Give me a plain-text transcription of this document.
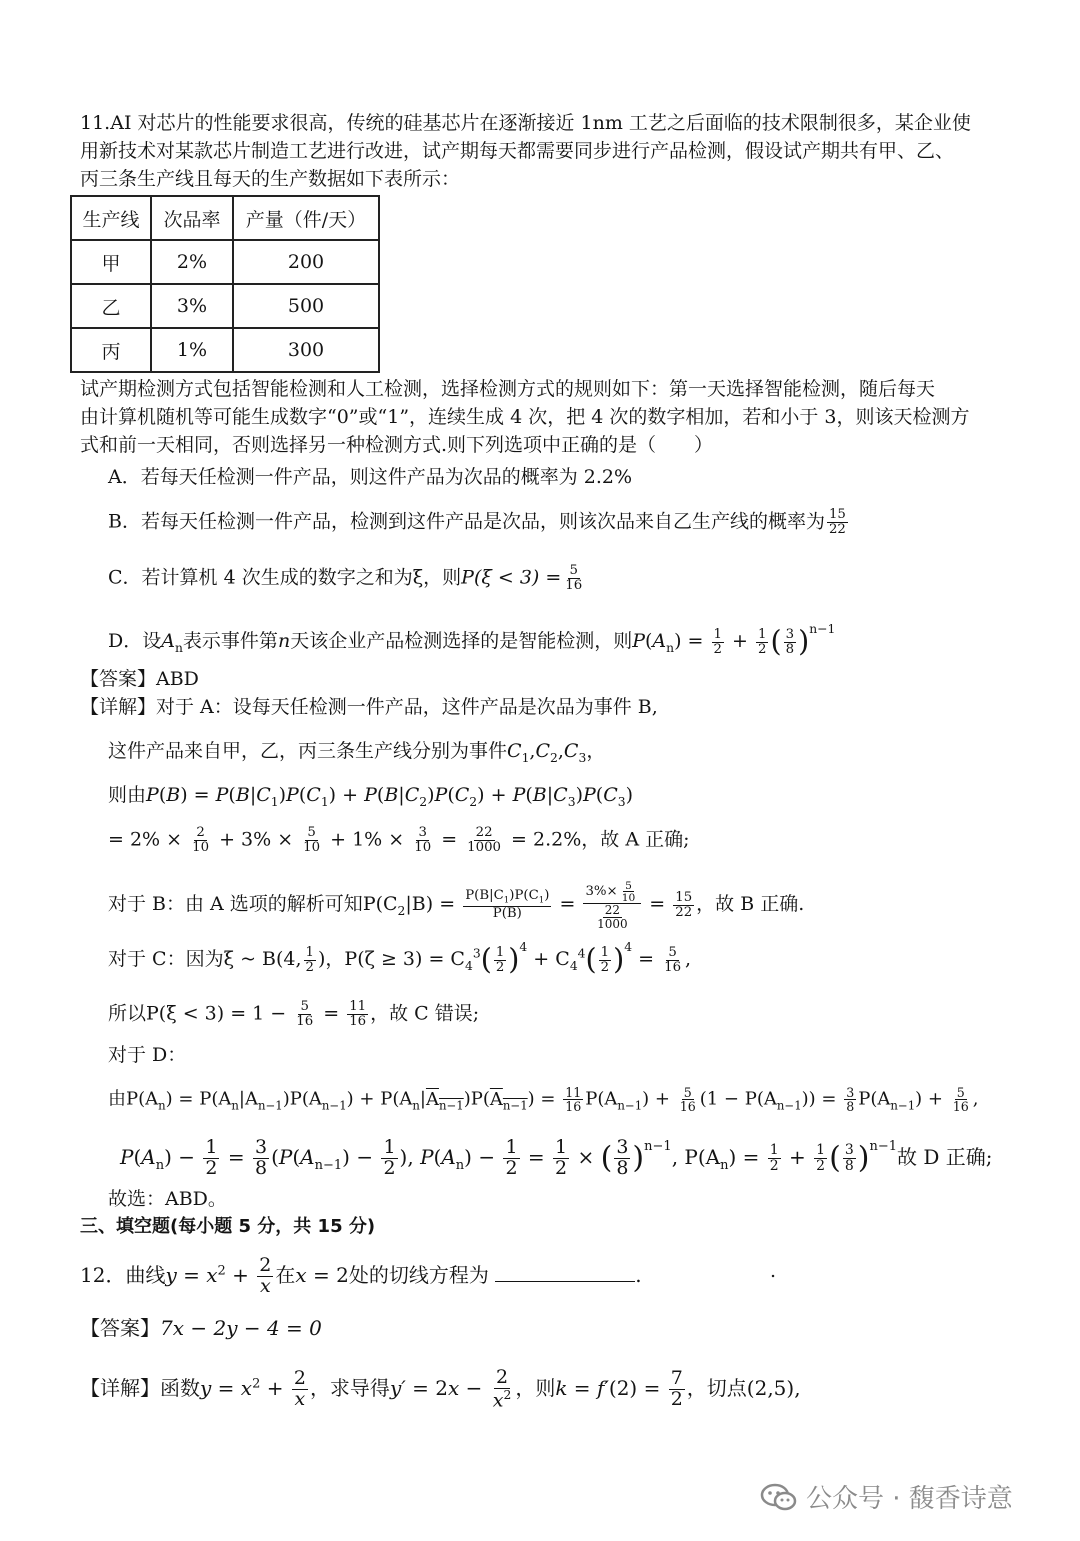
11.AI 对芯片的性能要求很高，传统的硅基芯片在逐渐接近 1nm 工艺之后面临的技术限制很多，某企业使
用新技术对某款芯片制造工艺进行改进，试产期每天都需要同步进行产品检测，假设试产期共有甲、乙、
丙三条生产线且每天的生产数据如下表所示：
生产线	次品率	产量（件/天）
甲	2%	200
乙	3%	500
丙	1%	300
试产期检测方式包括智能检测和人工检测，选择检测方式的规则如下：第一天选择智能检测，随后每天
由计算机随机等可能生成数字“0”或“1”，连续生成 4 次，把 4 次的数字相加，若和小于 3，则该天检测方
式和前一天相同，否则选择另一种检测方式.则下列选项中正确的是（　　）
A．若每天任检测一件产品，则这件产品为次品的概率为 2.2%
B．若每天任检测一件产品，检测到这件产品是次品，则该次品来自乙生产线的概率为 $\frac{15}{22}$
C．若计算机 4 次生成的数字之和为ξ，则$P(\xi < 3) = \frac{5}{16}$
D．设$A_n$表示事件第n天该企业产品检测选择的是智能检测，则$P(A_n) = \frac{1}{2} + \frac{1}{2}$ ( $\frac{3}{8} )^{n-1}$
【答案】ABD
【详解】对于 A：设每天任检测一件产品，这件产品是次品为事件 B,
这件产品来自甲，乙，丙三条生产线分别为事件$C_1,C_2,C_3$，
则由$P(B) = P(B|C_1)P(C_1) + P(B|C_2)P(C_2) + P(B|C_3)P(C_3)$
= $2\% \times \frac{2}{10} + 3\% \times \frac{5}{10} + 1\% \times \frac{3}{10} = \frac{22}{1000} = 2.2\%$，故 A 正确;
对于 B：由 A 选项的解析可知$P(C_2|B) = \frac{P(B|C_1)P(C_1)}{P(B)} = \frac{3\%\times \frac{5}{10}}{\frac{22}{1000}} = \frac{15}{22}$ ，故 B 正确.
对于 C：因为ξ ~ B(4, $\frac{1}{2}$ )，$P(\zeta \ge 3) = C_4^3( \frac{1}{2} )^4 + C_4^4( \frac{1}{2} )^4 = \frac{5}{16}$ ,
所以$P(\xi < 3) = 1 - \frac{5}{16} = \frac{11}{16}$ ，故 C 错误;
对于 D：
由$P(A_n) = P(A_n|A_{n-1})P(A_{n-1}) + P(A_n|A_{n-1})P(A_{n-1}) = \frac{11}{16} P(A_{n-1}) + \frac{5}{16} (1 - P(A_{n-1})) = \frac{3}{8} P(A_{n-1}) + \frac{5}{16}$ ,
$P(A_n) - \frac{1}{2} = \frac{3}{8} (P(A_{n-1}) - \frac{1}{2}$ ), $P(A_n) - \frac{1}{2} = \frac{1}{2}$ × ( $\frac{3}{8} )^{n-1}$, $P(A_n) = \frac{1}{2} + \frac{1}{2}$ ( $\frac{3}{8} )^{n-1}$故 D 正确;
故选：ABD。
三、填空题(每小题 5 分，共 15 分)
12．曲线$y = x^2 + \frac{2}{x}$ 在x = 2处的切线方程为	.	.
【答案】7x − 2y − 4 = 0
【详解】函数$y = x^2 + \frac{2}{x}$ ，求导得$y' = 2x - \frac{2}{x^2}$ ，则$k = f'(2) = \frac{7}{2}$ ，切点(2,5),
公众号 · 馥香诗意
